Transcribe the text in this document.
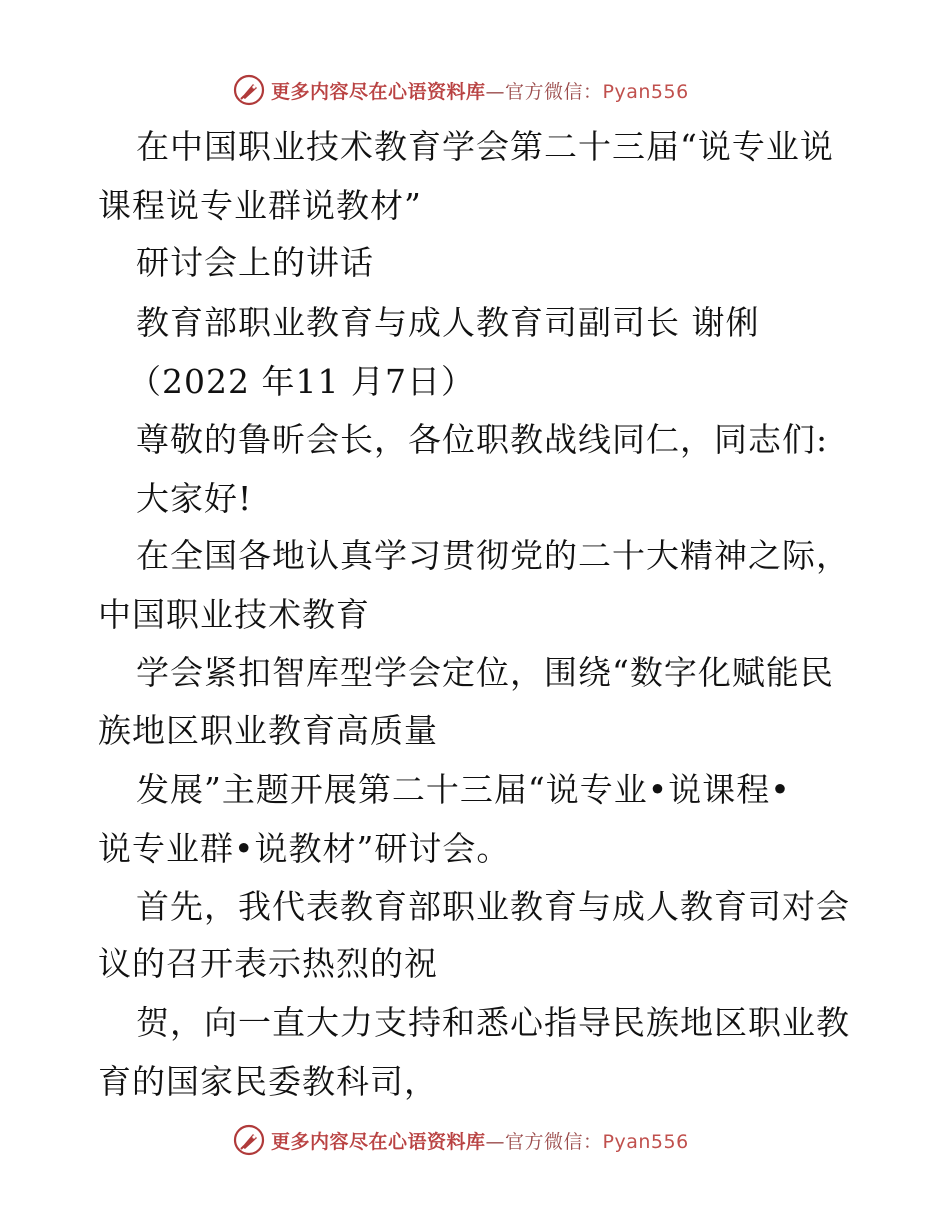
更多内容尽在心语资料库—官方微信：Pyan556
在中国职业技术教育学会第二十三届“说专业说
课程说专业群说教材”
研讨会上的讲话
教育部职业教育与成人教育司副司长 谢俐
（2022 年11 月7日）
尊敬的鲁昕会长，各位职教战线同仁，同志们:
大家好!
在全国各地认真学习贯彻党的二十大精神之际，
中国职业技术教育
学会紧扣智库型学会定位，围绕“数字化赋能民
族地区职业教育高质量
发展”主题开展第二十三届“说专业•说课程•
说专业群•说教材”研讨会。
首先，我代表教育部职业教育与成人教育司对会
议的召开表示热烈的祝
贺，向一直大力支持和悉心指导民族地区职业教
育的国家民委教科司，
更多内容尽在心语资料库—官方微信：Pyan556
